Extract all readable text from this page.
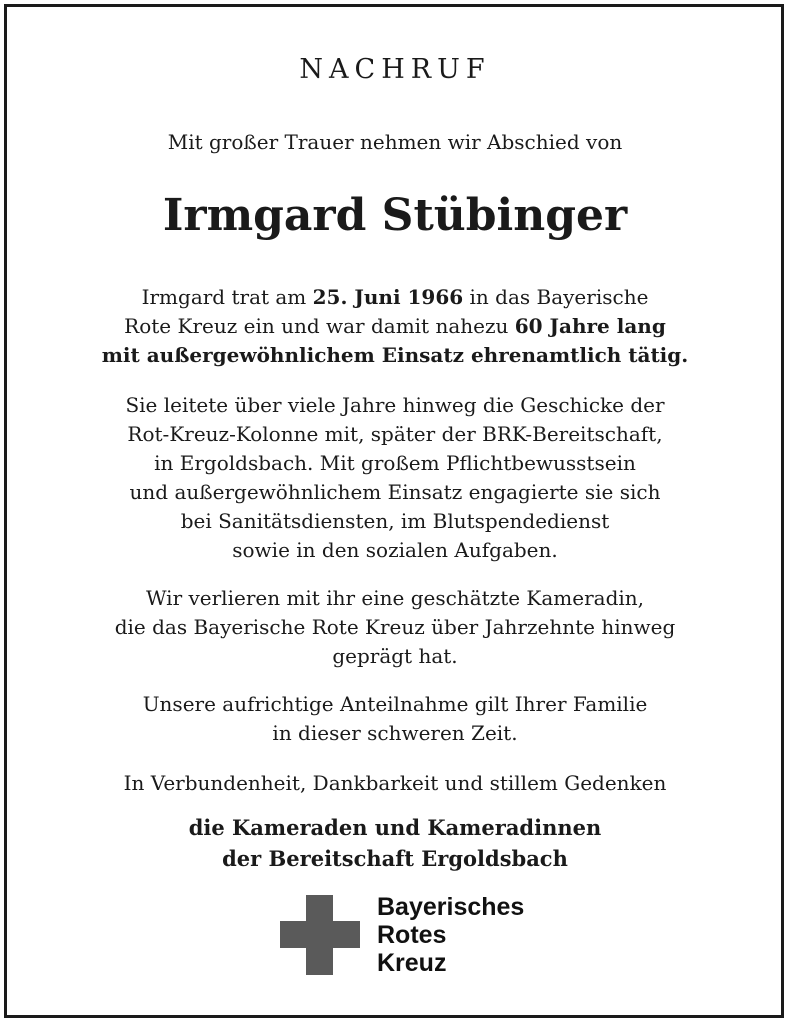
NACHRUF
Mit großer Trauer nehmen wir Abschied von
Irmgard Stübinger
Irmgard trat am 25. Juni 1966 in das Bayerische
Rote Kreuz ein und war damit nahezu 60 Jahre lang
mit außergewöhnlichem Einsatz ehrenamtlich tätig.
Sie leitete über viele Jahre hinweg die Geschicke der
Rot-Kreuz-Kolonne mit, später der BRK-Bereitschaft,
in Ergoldsbach. Mit großem Pflichtbewusstsein
und außergewöhnlichem Einsatz engagierte sie sich
bei Sanitätsdiensten, im Blutspendedienst
sowie in den sozialen Aufgaben.
Wir verlieren mit ihr eine geschätzte Kameradin,
die das Bayerische Rote Kreuz über Jahrzehnte hinweg
geprägt hat.
Unsere aufrichtige Anteilnahme gilt Ihrer Familie
in dieser schweren Zeit.
In Verbundenheit, Dankbarkeit und stillem Gedenken
die Kameraden und Kameradinnen
der Bereitschaft Ergoldsbach
Bayerisches
Rotes
Kreuz
